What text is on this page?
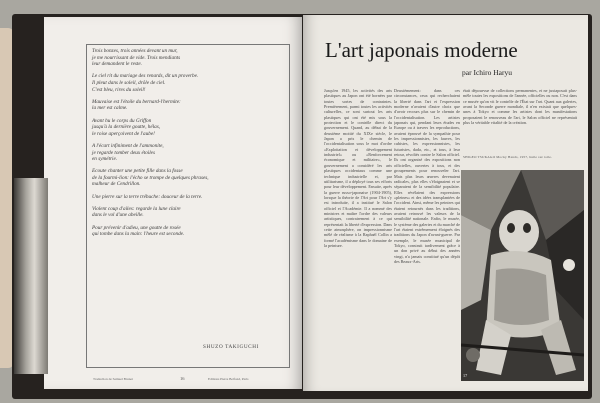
Trois bonzes, trois années devant un mur,
je me nourrissant de vide. Trois mendiants
leur demandent le reste.

Le ciel rit du mariage des renards, dit un proverbe.
Il pleut dans le soleil, drôle de ciel.
C'est bleu, rires du soleil!

Mauvaise est l'étoile du bernard-l'hermite:
la mer est calme.

Avant hu le corps du Griffon
jusqu'à la dernière goutte, hélas,
le roise aperçoivent de l'aube!

A l'écart infiniment de l'ammonite,
je regarde tomber deux étoiles
en symétrie.

Ecoute chanter une petite fille dans la fosse
de la fourmi-lion: l'écho se trompe de quelques phrases,
malheur de Cendrillon.

Une pierre sur la terre trébuche: douceur de la terre.

Violent coup d'ailes: regarde la lune claire
dans le vol d'une abeille.

Pour prévenir d'adieu, une goutte de rosée
qui tombe dans la main: l'heure est seconde.

SHUZO TAKIGUCHI
Traduction de Samuel Brunet	16	Editions Pierre Belfond, Paris
L'art japonais moderne
par Ichiro Haryu
Jusqu'en 1945, les activités des arts plastiques au Japon ont été bornées par toutes sortes de contraintes. Premièrement, parmi toutes les activités culturelles, ce sont surtout les arts plastiques qui ont été mis sous la protection et le contrôle direct du gouvernement. Quand, au début de la deuxième moitié du XIXe siècle, le Japon a pris le chemin de l'occidentalisation sous le mot d'ordre «Exploitation et développement industriel» ou «Renforcement économique et militaire», le gouvernement a considéré les arts plastiques occidentaux comme une technique industrielle et, par utilitarisme, il a déployé tous ses efforts pour leur développement. Ensuite, après la guerre russo-japonaise (1904-1905), lorsque la théorie de l'Art pour l'Art s'y est introduite, il a institué le Salon officiel et l'Académie. Il a nommé des ministres et maître l'ordre des valeurs artistiques, contrairement à ce qui représentait la liberté d'expression. Dans cette atmosphère, on impressionnisme mêlé de réalisme à la Raphaël Collin a formé l'académisme dans le domaine de la peinture.
Deuxièmement: dans ces circonstances, ceux qui recherchaient la liberté dans l'art et l'expression moderne n'avaient d'autre choix que d'avoir recours plus sur le chemin de l'occidentalisation. Les artistes japonais qui, pendant leurs études en Europe ou à travers les reproductions, avaient éprouvé de la sympathie pour les impressionnistes, les fauves, les cubistes, les expressionnistes, les futuristes, dada, etc., et tous, à leur retour, révoltés contre le Salon officiel. Ils ont organisé des expositions non officielles, ouvertes à tous, et des groupements pour renouveler l'art. Mais plus leurs œuvres devenaient radicales, plus elles s'éloignaient et se séparaient de la sensibilité populaire. Elles révélaient des expressions «pleines» et des idées transplantées de l'occident. Ainsi, même les peintres qui étaient retournés dans les traditions, avaient retrouvé les valeurs de la sensibilité nationale. Enfin, le musée, le système des galeries et du marché de l'art étaient extrêmement éloignés des traditions du Japon d'avant-guerre. Par exemple, le musée municipal de Tokyo, construit tardivement grâce à un don privé au début des années vingt, n'a jamais constitué qu'un dépôt des Beaux-Arts.
était dépourvue de collections permanentes, et ne juxtaposait plus-mêle toutes les expositions de l'année, officielles ou non. C'est dans ce musée qu'on vit le contrôle de l'État sur l'art. Quant aux galeries, avant la Seconde guerre mondiale, il n'en existait que quelques-unes à Tokyo et comme les artistes dont les manifestations proposaient le renouveau de l'art, le Salon officiel ne représentait plus la véritable vitalité de la création.
SHIGEO TSUKAGO Mocky Hands, 1957, huile sur toile.
17
